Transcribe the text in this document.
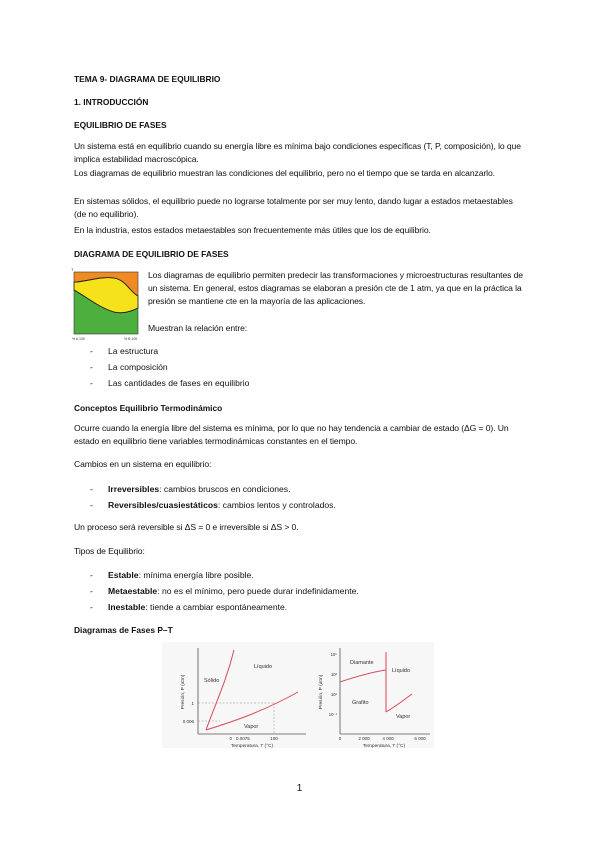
TEMA 9- DIAGRAMA DE EQUILIBRIO
1. INTRODUCCIÓN
EQUILIBRIO DE FASES
Un sistema está en equilibrio cuando su energía libre es mínima bajo condiciones específicas (T, P, composición), lo que implica estabilidad macroscópica.
Los diagramas de equilibrio muestran las condiciones del equilibrio, pero no el tiempo que se tarda en alcanzarlo.
En sistemas sólidos, el equilibrio puede no lograrse totalmente por ser muy lento, dando lugar a estados metaestables (de no equilibrio).
En la industria, estos estados metaestables son frecuentemente más útiles que los de equilibrio.
DIAGRAMA DE EQUILIBRIO DE FASES
T
% A 100	% B 100
Los diagramas de equilibrio permiten predecir las transformaciones y microestructuras resultantes de un sistema. En general, estos diagramas se elaboran a presión cte de 1 atm, ya que en la práctica la presión se mantiene cte en la mayoría de las aplicaciones.
Muestran la relación entre:
- La estructura
- La composición
- Las cantidades de fases en equilibrio
Conceptos Equilibrio Termodinámico
Ocurre cuando la energía libre del sistema es mínima, por lo que no hay tendencia a cambiar de estado (ΔG = 0). Un estado en equilibrio tiene variables termodinámicas constantes en el tiempo.
Cambios en un sistema en equilibrio:
- Irreversibles: cambios bruscos en condiciones.
- Reversibles/cuasiestáticos: cambios lentos y controlados.
Un proceso será reversible si ΔS = 0 e irreversible si ΔS > 0.
Tipos de Equilibrio:
- Estable: mínima energía libre posible.
- Metaestable: no es el mínimo, pero puede durar indefinidamente.
- Inestable: tiende a cambiar espontáneamente.
Diagramas de Fases P–T
Sólido
Líquido
Vapor
1
0.006
0 0.0075	100
Temperatura, T (°C)
Presión, P (atm)
Diamante
Líquido
Grafito
Vapor
10⁵
10³
10¹
10⁻¹
0	2 000	4 000	6 000
Temperatura, T (°C)
Presión, P (atm)
1
